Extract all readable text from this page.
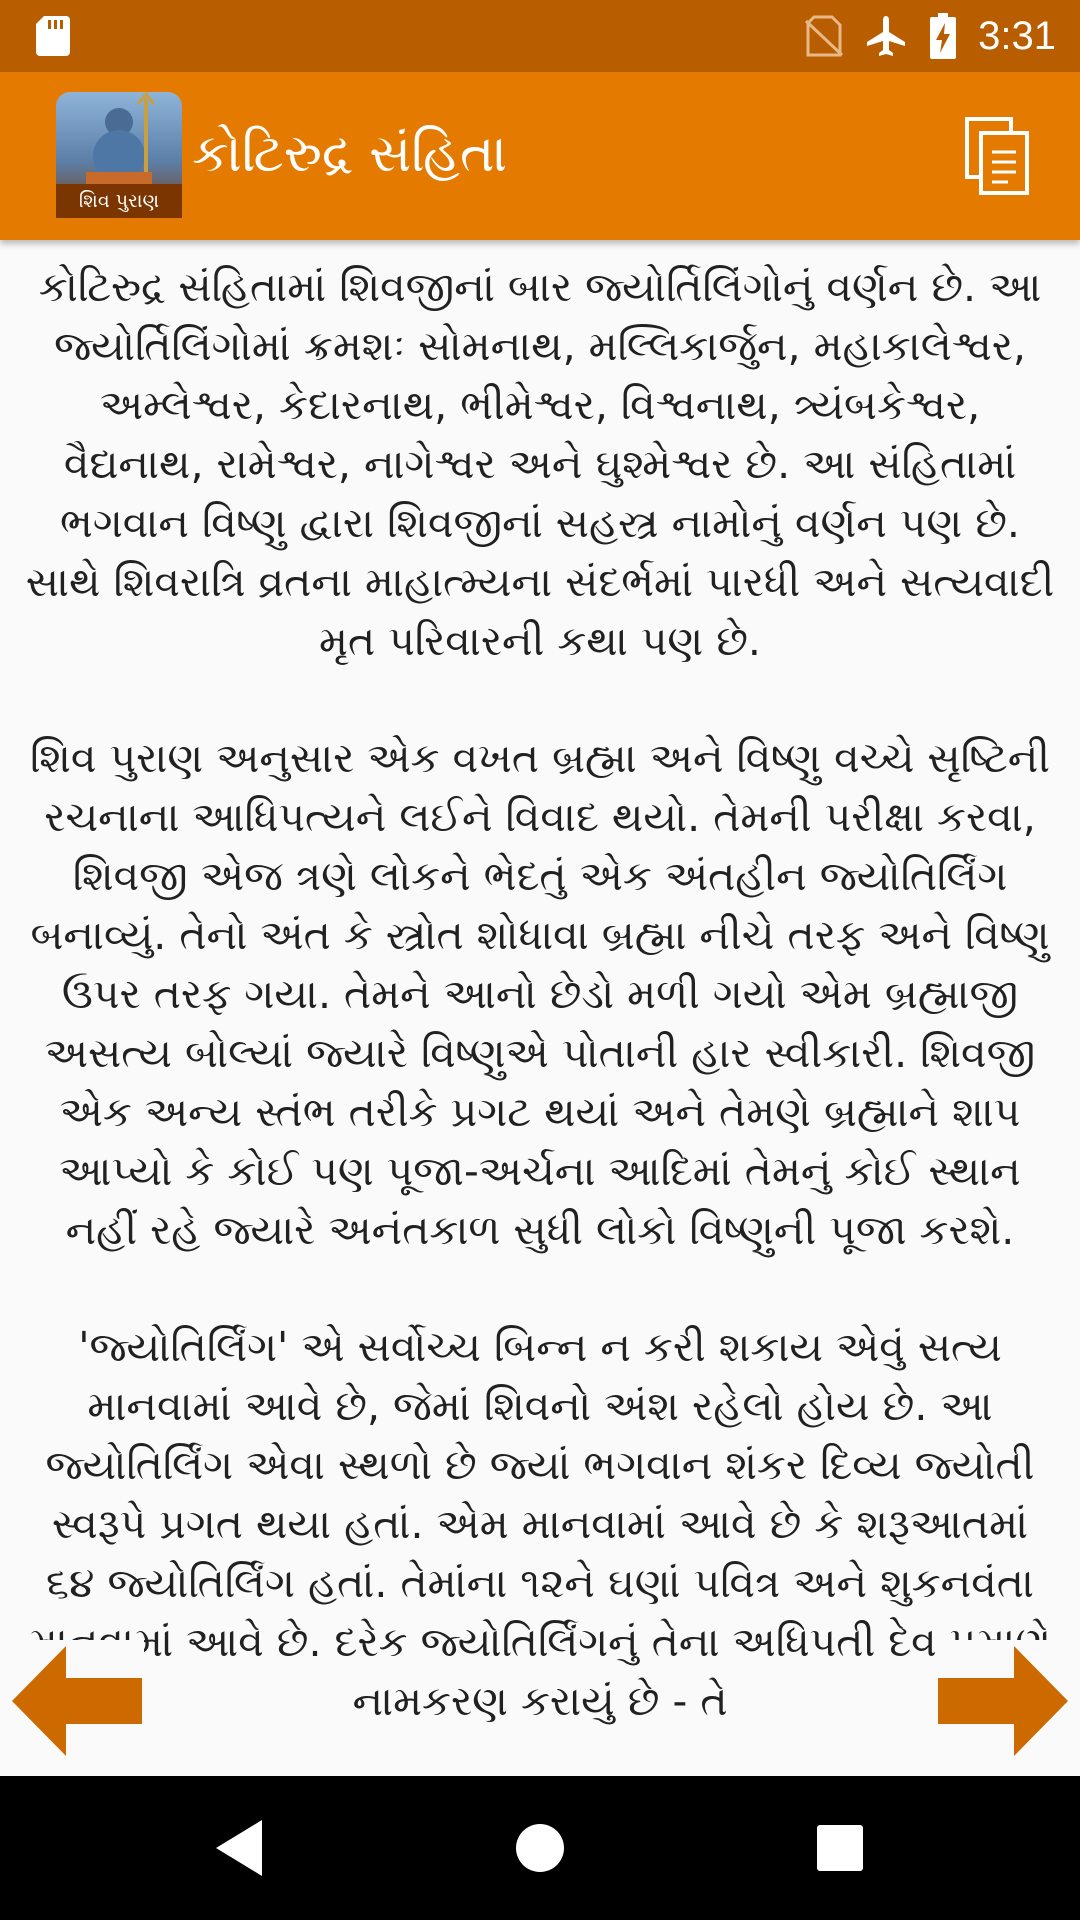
3:31
શિવ પુરાણ
કોટિરુદ્ર સંહિતા

કોટિરુદ્ર સંહિતામાં શિવજીનાં બાર જ્યોર્તિલિંગોનું વર્ણન છે. આ જ્યોર્તિલિંગોમાં ક્રમશઃ સોમનાથ, મલ્લિકાર્જુન, મહાકાલેશ્વર, અમ્લેશ્વર, કેદારનાથ, ભીમેશ્વર, વિશ્વનાથ, ત્ર્યંબકેશ્વર, વૈદ્યનાથ, રામેશ્વર, નાગેશ્વર અને ઘુશ્મેશ્વર છે. આ સંહિતામાં ભગવાન વિષ્ણુ દ્વારા શિવજીનાં સહસ્ત્ર નામોનું વર્ણન પણ છે. સાથે શિવરાત્રિ વ્રતના માહાત્મ્યના સંદર્ભમાં પારધી અને સત્યવાદી મૃત પરિવારની કથા પણ છે.

શિવ પુરાણ અનુસાર એક વખત બ્રહ્મા અને વિષ્ણુ વચ્ચે સૃષ્ટિની રચનાના આધિપત્યને લઈને વિવાદ થયો. તેમની પરીક્ષા કરવા, શિવજી એજ ત્રણે લોકને ભેદતું એક અંતહીન જ્યોતિર્લિંગ બનાવ્યું. તેનો અંત કે સ્ત્રોત શોધાવા બ્રહ્મા નીચે તરફ અને વિષ્ણુ ઉપર તરફ ગયા. તેમને આનો છેડો મળી ગયો એમ બ્રહ્માજી અસત્ય બોલ્યાં જ્યારે વિષ્ણુએ પોતાની હાર સ્વીકારી. શિવજી એક અન્ય સ્તંભ તરીકે પ્રગટ થયાં અને તેમણે બ્રહ્માને શાપ આપ્યો કે કોઈ પણ પૂજા-અર્ચના આદિમાં તેમનું કોઈ સ્થાન નહીં રહે જ્યારે અનંતકાળ સુધી લોકો વિષ્ણુની પૂજા કરશે.

'જ્યોતિર્લિંગ' એ સર્વોચ્ચ બિન્ન ન કરી શકાય એવું સત્ય માનવામાં આવે છે, જેમાં શિવનો અંશ રહેલો હોય છે. આ જ્યોતિર્લિંગ એવા સ્થળો છે જ્યાં ભગવાન શંકર દિવ્ય જ્યોતી સ્વરૂપે પ્રગત થયા હતાં. એમ માનવામાં આવે છે કે શરૂઆતમાં ૬૪ જ્યોતિર્લિંગ હતાં. તેમાંના ૧૨ને ઘણાં પવિત્ર અને શુકનવંતા માનવામાં આવે છે. દરેક જ્યોતિર્લિંગનું તેના અધિપતી દેવ પ્રમાણે નામકરણ કરાયું છે - તે
